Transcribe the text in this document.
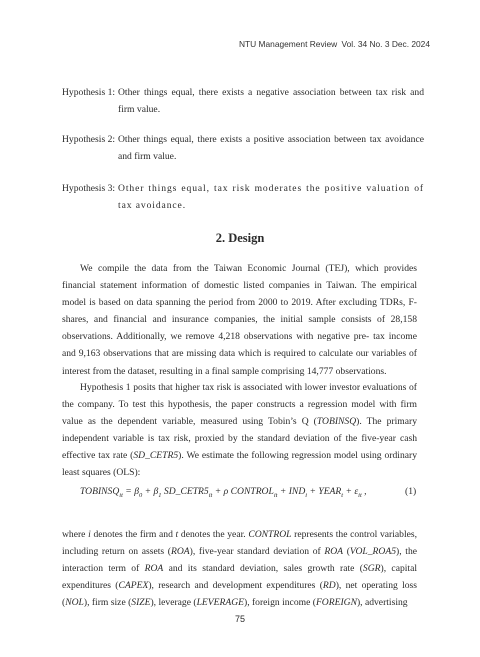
NTU Management Review Vol. 34 No. 3 Dec. 2024
Hypothesis 1: Other things equal, there exists a negative association between tax risk and firm value.
Hypothesis 2: Other things equal, there exists a positive association between tax avoidance and firm value.
Hypothesis 3: Other things equal, tax risk moderates the positive valuation of tax avoidance.
2. Design

We compile the data from the Taiwan Economic Journal (TEJ), which provides financial statement information of domestic listed companies in Taiwan. The empirical model is based on data spanning the period from 2000 to 2019. After excluding TDRs, F-shares, and financial and insurance companies, the initial sample consists of 28,158 observations. Additionally, we remove 4,218 observations with negative pre- tax income and 9,163 observations that are missing data which is required to calculate our variables of interest from the dataset, resulting in a final sample comprising 14,777 observations.

Hypothesis 1 posits that higher tax risk is associated with lower investor evaluations of the company. To test this hypothesis, the paper constructs a regression model with firm value as the dependent variable, measured using Tobin’s Q (TOBINSQ). The primary independent variable is tax risk, proxied by the standard deviation of the five-year cash effective tax rate (SD_CETR5). We estimate the following regression model using ordinary least squares (OLS):

$TOBINSQ_{it} = \beta_0 + \beta_1$ $SD\_CETR5_{it} + \rho$ $CONTROL_{it} + IND_i$ + $YEAR_t + \varepsilon_{it}$ ,	(1)

where i denotes the firm and t denotes the year. CONTROL represents the control variables, including return on assets (ROA), five-year standard deviation of ROA (VOL_ROA5), the interaction term of ROA and its standard deviation, sales growth rate (SGR), capital expenditures (CAPEX), research and development expenditures (RD), net operating loss (NOL), firm size (SIZE), leverage (LEVERAGE), foreign income (FOREIGN), advertising

75
